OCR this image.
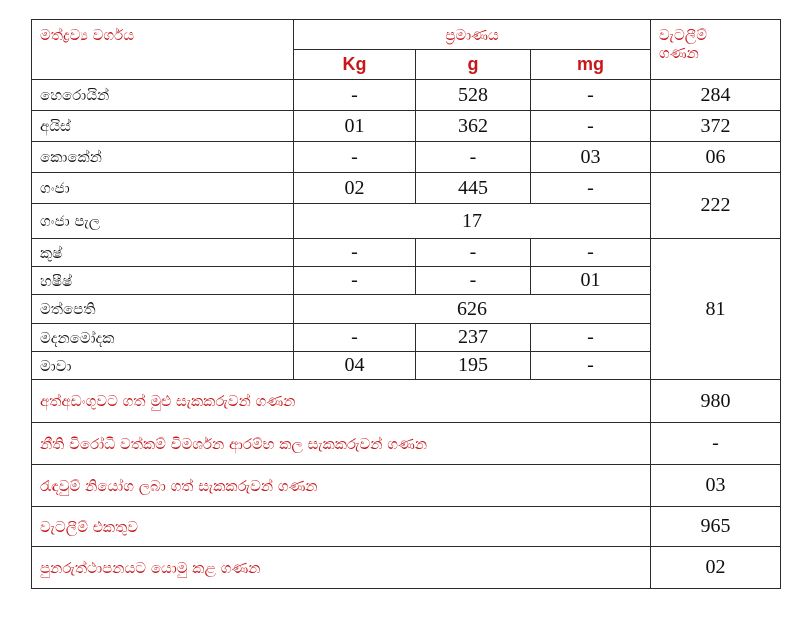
මත්ද්‍රව්‍ය වර්ගය	ප්‍රමාණය			වැටලීම්
ගණන

	Kg	g	mg	
හෙරොයින්	-	528	-	284
අයිස්	01	362	-	372
කොකේන්	-	-	03	06
ගංජා	02	445	-	222
ගංජා පැල	17			
කුෂ්	-	-	-	81
හෂීෂ්	-	-	01	
මත්පෙති	626			
මදනමෝදක	-	237	-	
මාවා	04	195	-	
අත්අඩංගුවට ගත් මුළු සැකකරුවන් ගණන				980
නීති විරෝධී වත්කම් විමර්ශන ආරම්භ කල සැකකරුවන් ගණන				-
රැඳවුම් නියෝග ලබා ගත් සැකකරුවන් ගණන				03
වැටලීම් එකතුව				965
පුනරුත්ථාපනයට යොමු කළ ගණන				02
